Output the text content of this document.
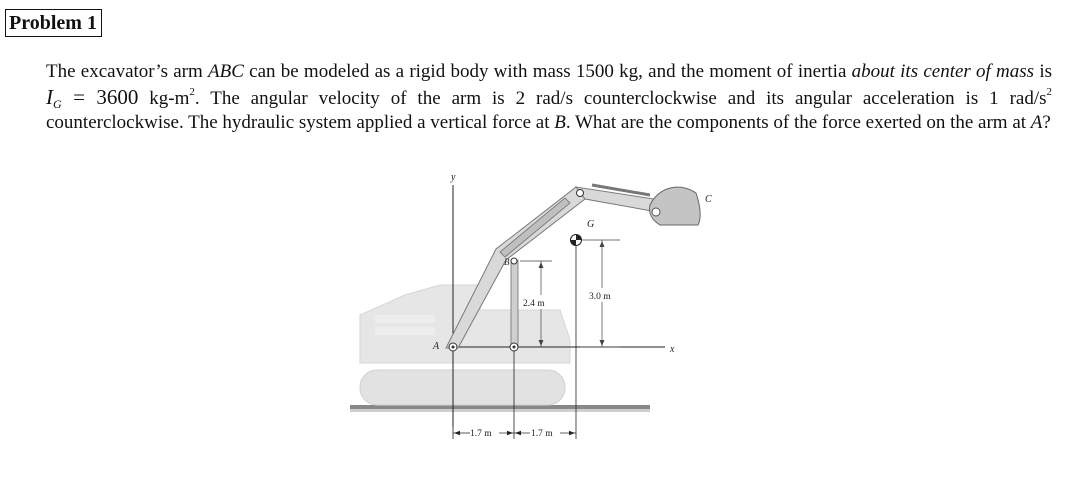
Problem 1
The excavator’s arm ABC can be modeled as a rigid body with mass 1500 kg, and the moment of inertia about its center of mass is $I_G = 3600$ $kg-m^2$. The angular velocity of the arm is 2 rad/s counterclockwise and its angular acceleration is 1 rad/$s^2$ counterclockwise. The hydraulic system applied a vertical force at B. What are the components of the force exerted on the arm at A?
y
x
C
A
B
G
2.4 m
3.0 m
1.7 m	1.7 m
